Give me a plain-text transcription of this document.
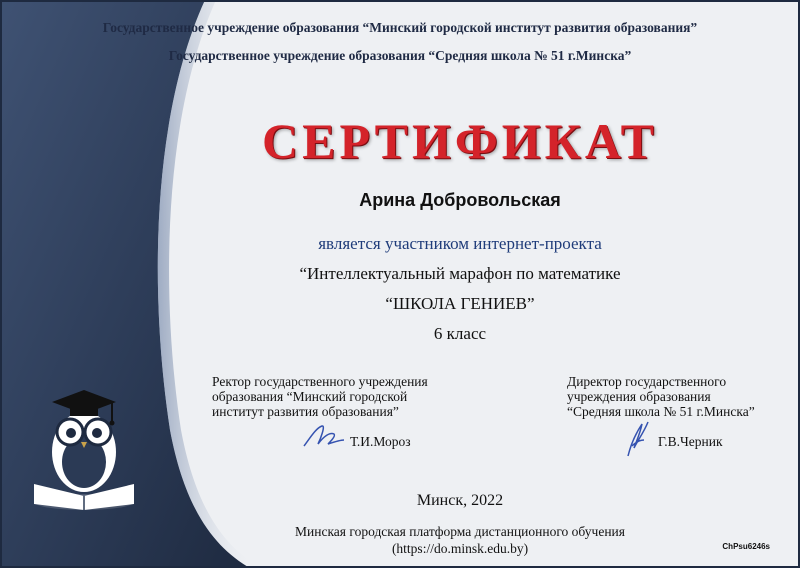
Государственное учреждение образования “Минский городской институт развития образования”
Государственное учреждение образования “Средняя школа № 51 г.Минска”
СЕРТИФИКАТ
Арина Добровольская
является участником интернет-проекта
“Интеллектуальный марафон по математике
“ШКОЛА ГЕНИЕВ”
6 класс
Ректор государственного учреждения
образования “Минский городской
институт развития образования”
Т.И.Мороз
Директор государственного
учреждения образования
“Средняя школа № 51 г.Минска”
Г.В.Черник
Минск, 2022
Минская городская платформа дистанционного обучения
(https://do.minsk.edu.by)	ChPsu6246s
